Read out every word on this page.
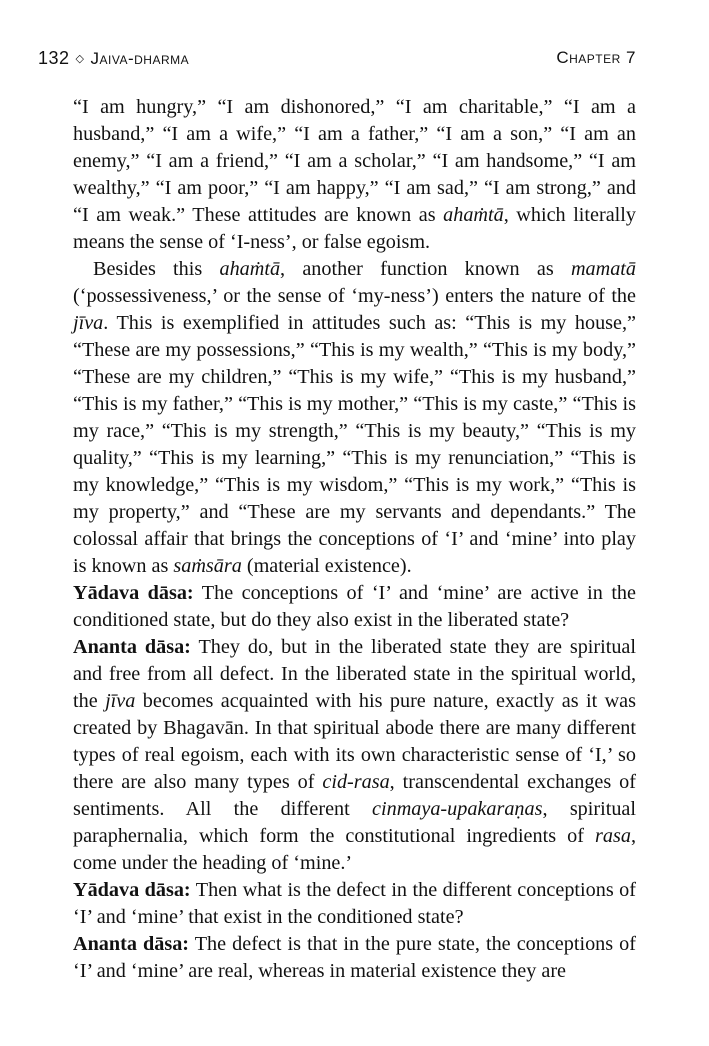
132 ◇ Jaiva-dharma	Chapter 7

“I am hungry,” “I am dishonored,” “I am charitable,” “I am a husband,” “I am a wife,” “I am a father,” “I am a son,” “I am an enemy,” “I am a friend,” “I am a scholar,” “I am handsome,” “I am wealthy,” “I am poor,” “I am happy,” “I am sad,” “I am strong,” and “I am weak.” These attitudes are known as ahaṁtā, which literally means the sense of ‘I-ness’, or false egoism.

Besides this ahaṁtā, another function known as mamatā (‘possessiveness,’ or the sense of ‘my-ness’) enters the nature of the jīva. This is exemplified in attitudes such as: “This is my house,” “These are my possessions,” “This is my wealth,” “This is my body,” “These are my children,” “This is my wife,” “This is my husband,” “This is my father,” “This is my mother,” “This is my caste,” “This is my race,” “This is my strength,” “This is my beauty,” “This is my quality,” “This is my learning,” “This is my renunciation,” “This is my knowledge,” “This is my wisdom,” “This is my work,” “This is my property,” and “These are my servants and dependants.” The colossal affair that brings the conceptions of ‘I’ and ‘mine’ into play is known as saṁsāra (material existence).

Yādava dāsa: The conceptions of ‘I’ and ‘mine’ are active in the conditioned state, but do they also exist in the liberated state?

Ananta dāsa: They do, but in the liberated state they are spiritual and free from all defect. In the liberated state in the spiritual world, the jīva becomes acquainted with his pure nature, exactly as it was created by Bhagavān. In that spiritual abode there are many different types of real egoism, each with its own characteristic sense of ‘I,’ so there are also many types of cid-rasa, transcendental exchanges of sentiments. All the different cinmaya-upakaraṇas, spiritual paraphernalia, which form the constitutional ingredients of rasa, come under the heading of ‘mine.’

Yādava dāsa: Then what is the defect in the different conceptions of ‘I’ and ‘mine’ that exist in the conditioned state?

Ananta dāsa: The defect is that in the pure state, the conceptions of ‘I’ and ‘mine’ are real, whereas in material existence they are
